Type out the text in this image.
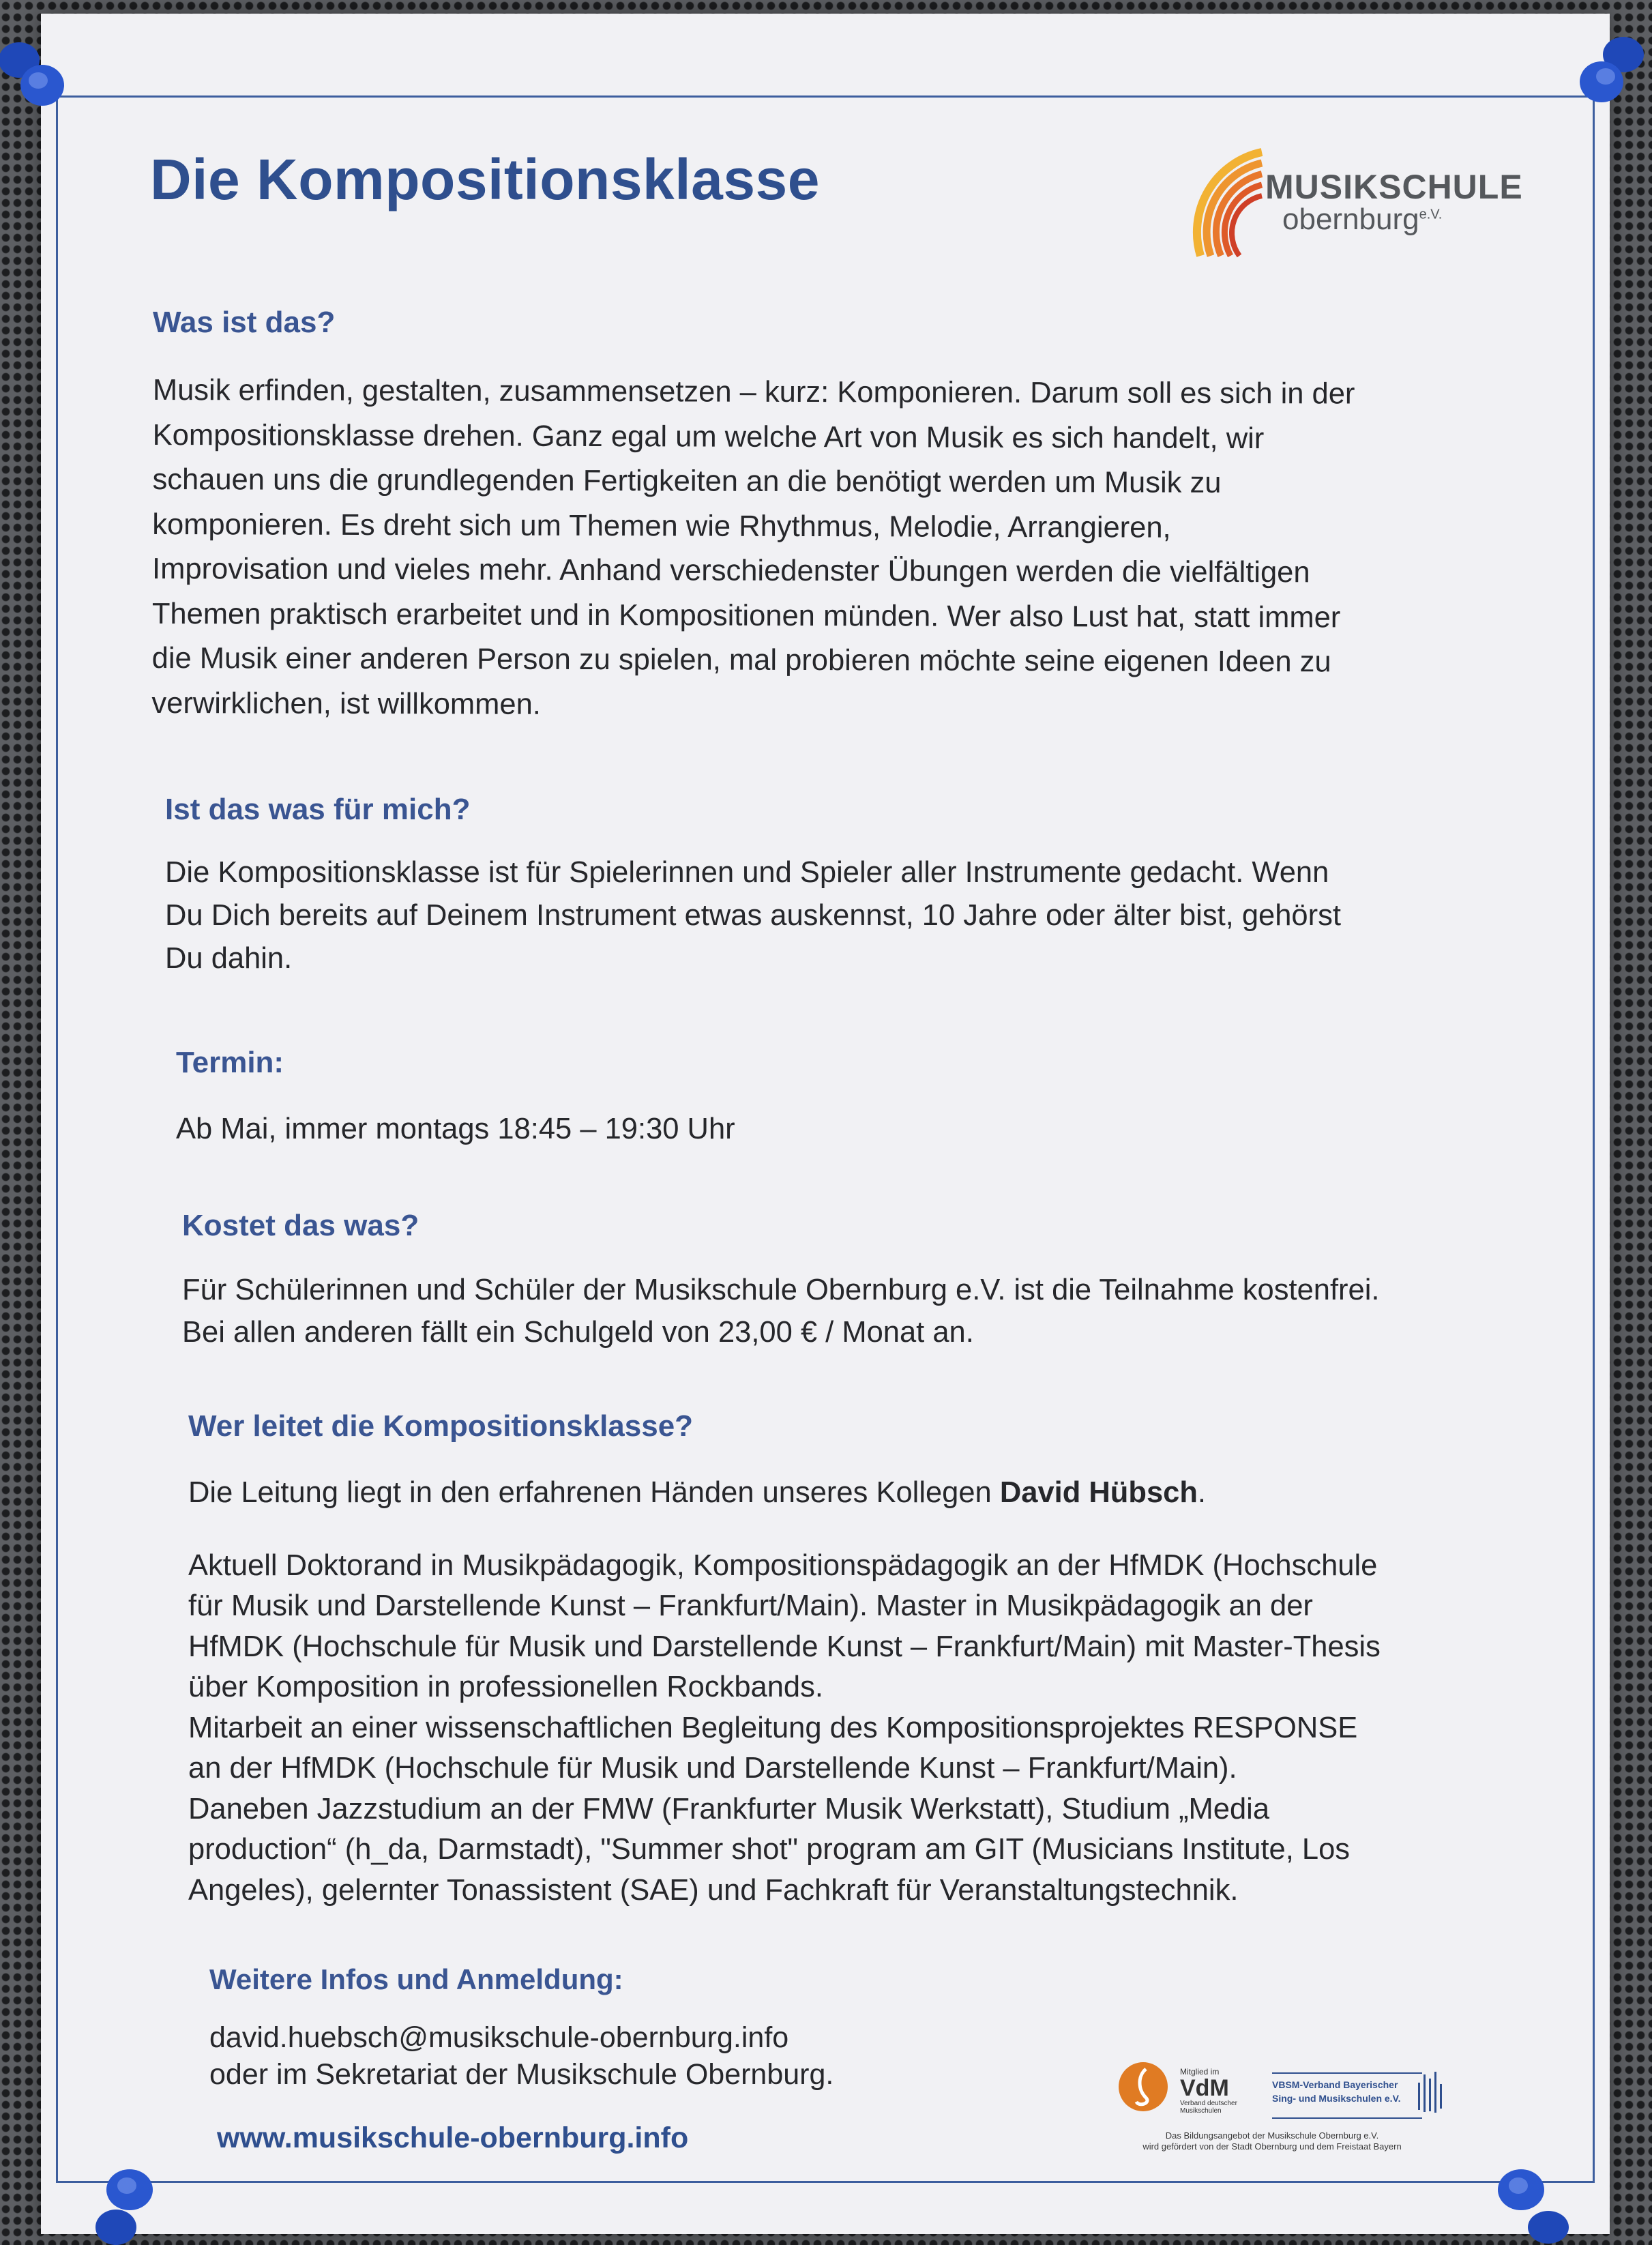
Die Kompositionsklasse	MUSIKSCHULE
obernburg$^{e.V.}$
Was ist das?

Musik erfinden, gestalten, zusammensetzen – kurz: Komponieren. Darum soll es sich in der

Kompositionsklasse drehen. Ganz egal um welche Art von Musik es sich handelt, wir

schauen uns die grundlegenden Fertigkeiten an die benötigt werden um Musik zu

komponieren. Es dreht sich um Themen wie Rhythmus, Melodie, Arrangieren,

Improvisation und vieles mehr. Anhand verschiedenster Übungen werden die vielfältigen

Themen praktisch erarbeitet und in Kompositionen münden. Wer also Lust hat, statt immer

die Musik einer anderen Person zu spielen, mal probieren möchte seine eigenen Ideen zu

verwirklichen, ist willkommen.

Ist das was für mich?

Die Kompositionsklasse ist für Spielerinnen und Spieler aller Instrumente gedacht. Wenn

Du Dich bereits auf Deinem Instrument etwas auskennst, 10 Jahre oder älter bist, gehörst

Du dahin.

Termin:

Ab Mai, immer montags 18:45 – 19:30 Uhr

Kostet das was?

Für Schülerinnen und Schüler der Musikschule Obernburg e.V. ist die Teilnahme kostenfrei.

Bei allen anderen fällt ein Schulgeld von 23,00 € / Monat an.

Wer leitet die Kompositionsklasse?

Die Leitung liegt in den erfahrenen Händen unseres Kollegen David Hübsch.

Aktuell Doktorand in Musikpädagogik, Kompositionspädagogik an der HfMDK (Hochschule

für Musik und Darstellende Kunst – Frankfurt/Main). Master in Musikpädagogik an der

HfMDK (Hochschule für Musik und Darstellende Kunst – Frankfurt/Main) mit Master-Thesis

über Komposition in professionellen Rockbands.

Mitarbeit an einer wissenschaftlichen Begleitung des Kompositionsprojektes RESPONSE

an der HfMDK (Hochschule für Musik und Darstellende Kunst – Frankfurt/Main).

Daneben Jazzstudium an der FMW (Frankfurter Musik Werkstatt), Studium „Media

production“ (h_da, Darmstadt), "Summer shot" program am GIT (Musicians Institute, Los

Angeles), gelernter Tonassistent (SAE) und Fachkraft für Veranstaltungstechnik.

Weitere Infos und Anmeldung:
david.huebsch@musikschule-obernburg.info
oder im Sekretariat der Musikschule Obernburg.
www.musikschule-obernburg.info
Mitglied im
VdM
Verband deutscher Musikschulen
VBSM-Verband Bayerischer
Sing- und Musikschulen e.V.
Das Bildungsangebot der Musikschule Obernburg e.V.
wird gefördert von der Stadt Obernburg und dem Freistaat Bayern
